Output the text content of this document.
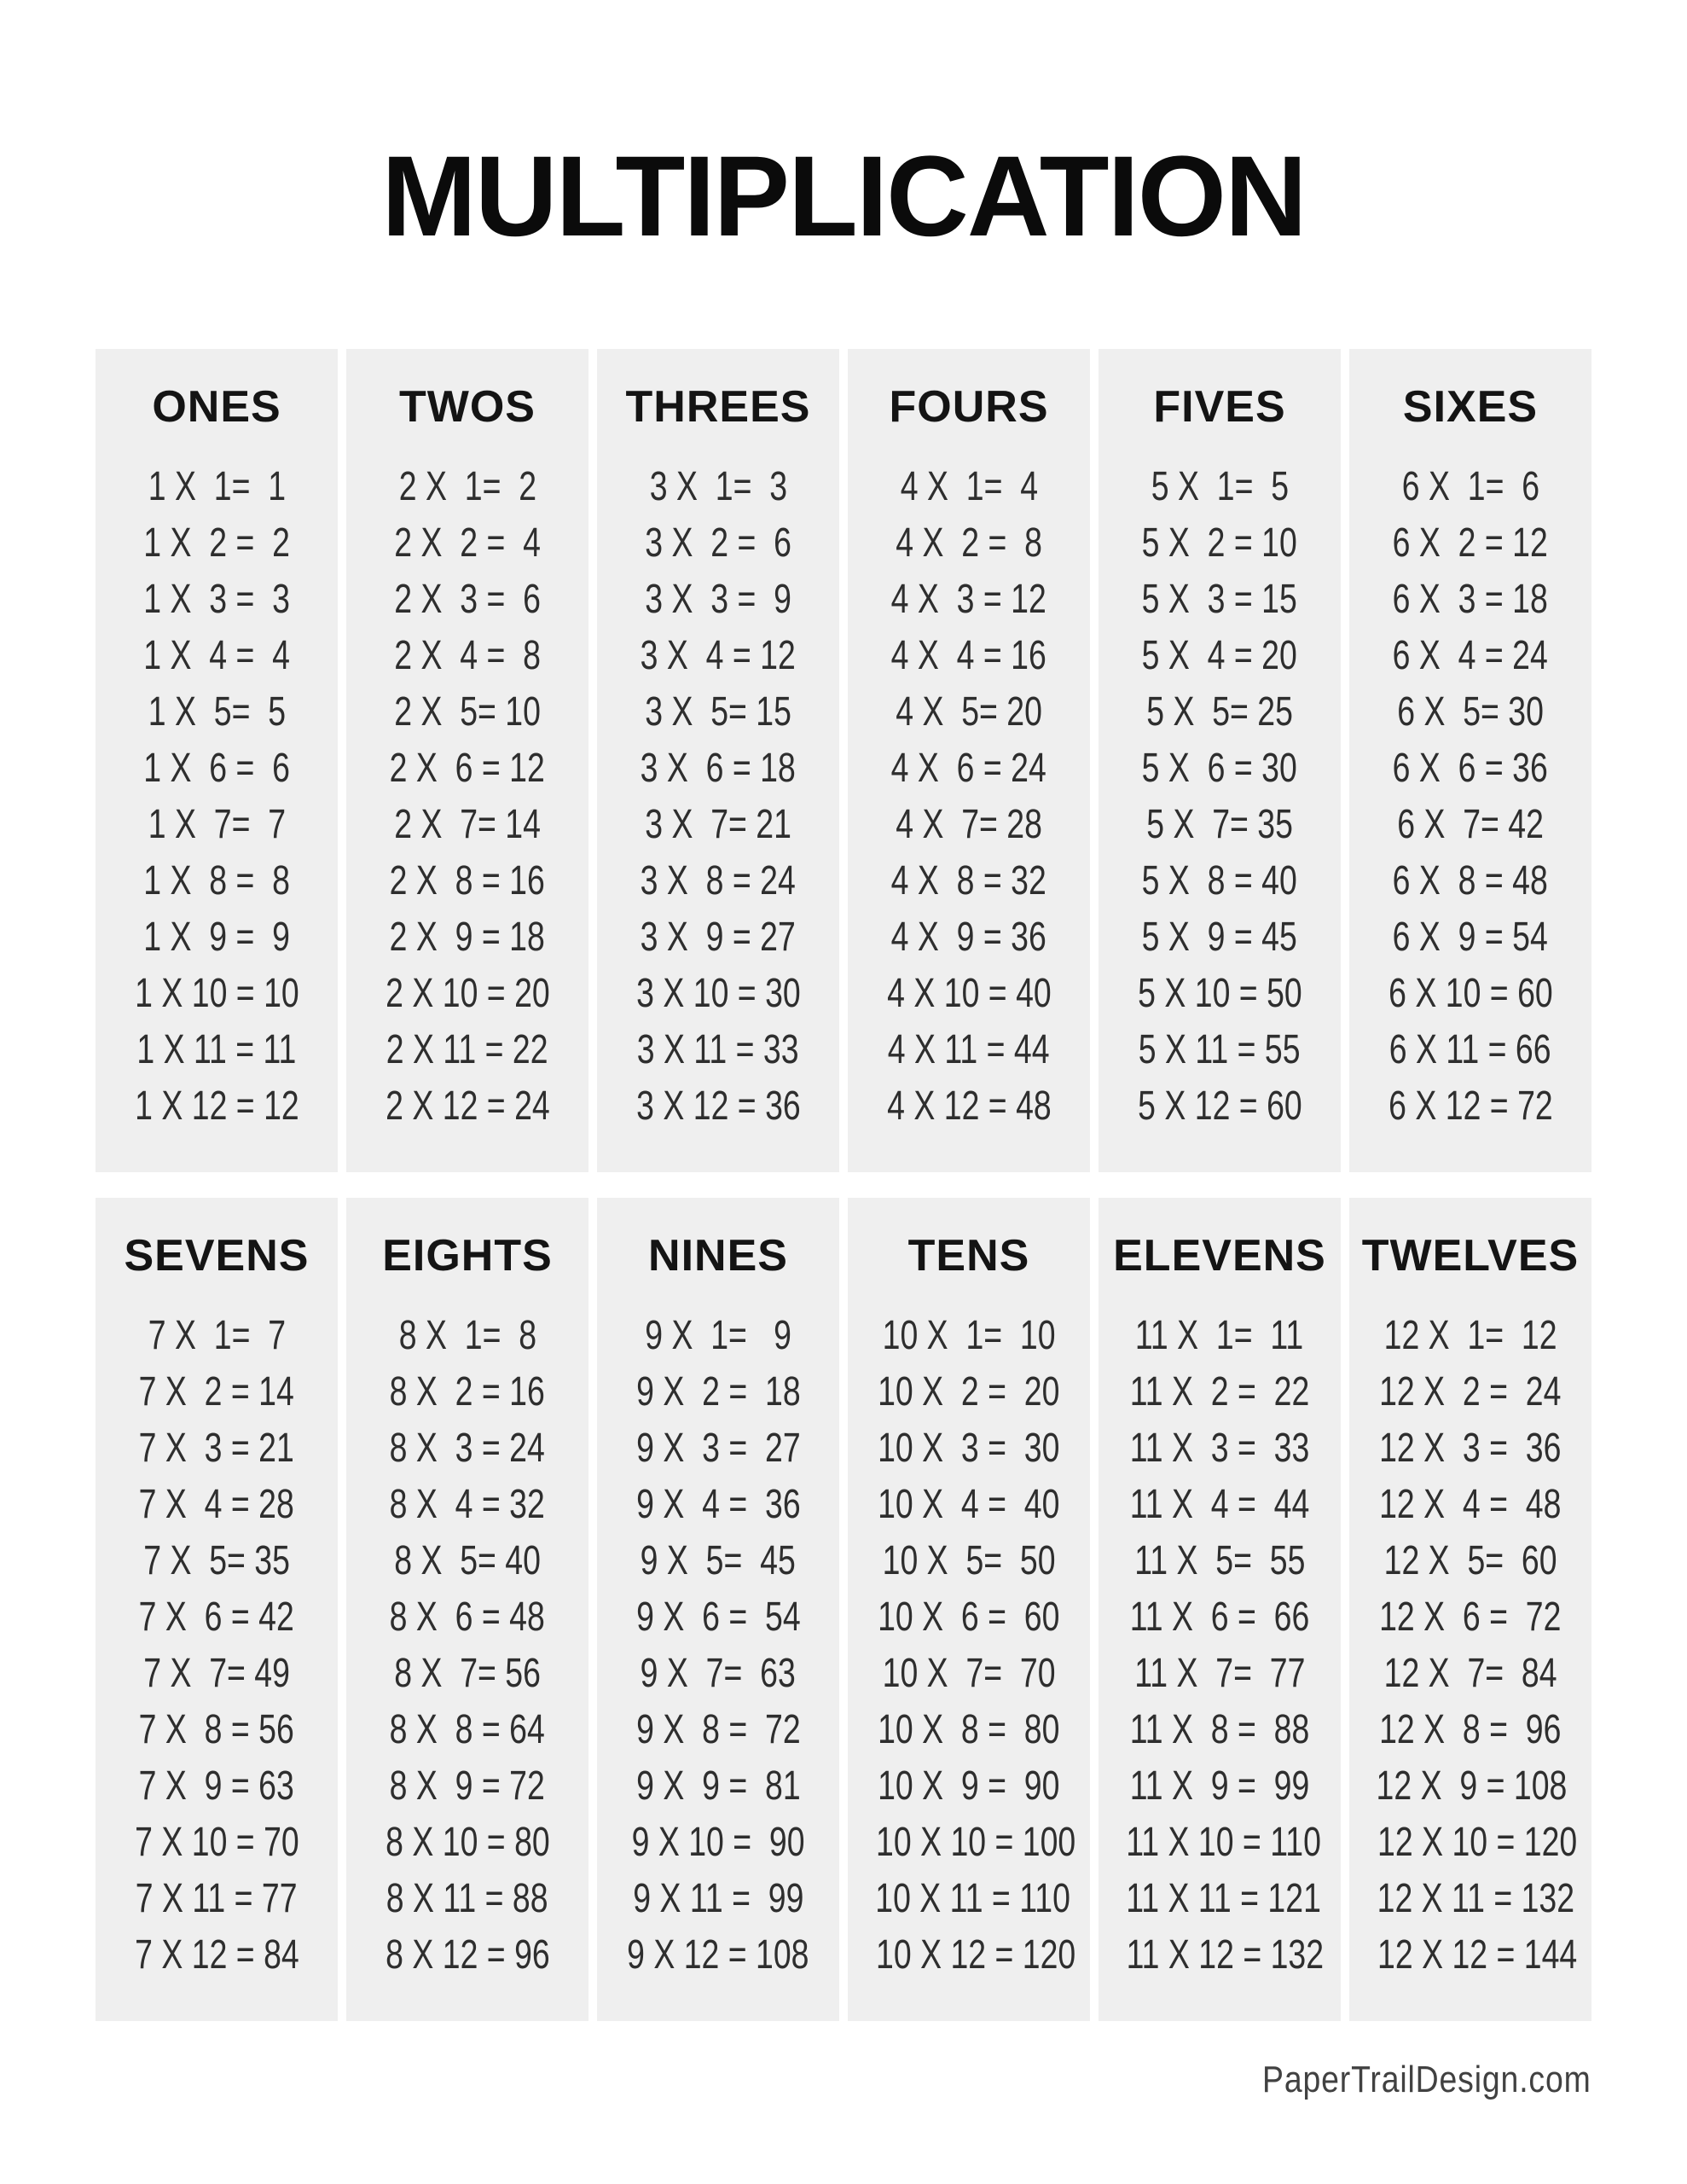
MULTIPLICATION
ONES
1 X  1=  1
1 X  2 =  2
1 X  3 =  3
1 X  4 =  4
1 X  5=  5
1 X  6 =  6
1 X  7=  7
1 X  8 =  8
1 X  9 =  9
1 X 10 = 10
1 X 11 = 11
1 X 12 = 12
TWOS
2 X  1=  2
2 X  2 =  4
2 X  3 =  6
2 X  4 =  8
2 X  5= 10
2 X  6 = 12
2 X  7= 14
2 X  8 = 16
2 X  9 = 18
2 X 10 = 20
2 X 11 = 22
2 X 12 = 24
THREES
3 X  1=  3
3 X  2 =  6
3 X  3 =  9
3 X  4 = 12
3 X  5= 15
3 X  6 = 18
3 X  7= 21
3 X  8 = 24
3 X  9 = 27
3 X 10 = 30
3 X 11 = 33
3 X 12 = 36
FOURS
4 X  1=  4
4 X  2 =  8
4 X  3 = 12
4 X  4 = 16
4 X  5= 20
4 X  6 = 24
4 X  7= 28
4 X  8 = 32
4 X  9 = 36
4 X 10 = 40
4 X 11 = 44
4 X 12 = 48
FIVES
5 X  1=  5
5 X  2 = 10
5 X  3 = 15
5 X  4 = 20
5 X  5= 25
5 X  6 = 30
5 X  7= 35
5 X  8 = 40
5 X  9 = 45
5 X 10 = 50
5 X 11 = 55
5 X 12 = 60
SIXES
6 X  1=  6
6 X  2 = 12
6 X  3 = 18
6 X  4 = 24
6 X  5= 30
6 X  6 = 36
6 X  7= 42
6 X  8 = 48
6 X  9 = 54
6 X 10 = 60
6 X 11 = 66
6 X 12 = 72
SEVENS
7 X  1=  7
7 X  2 = 14
7 X  3 = 21
7 X  4 = 28
7 X  5= 35
7 X  6 = 42
7 X  7= 49
7 X  8 = 56
7 X  9 = 63
7 X 10 = 70
7 X 11 = 77
7 X 12 = 84
EIGHTS
8 X  1=  8
8 X  2 = 16
8 X  3 = 24
8 X  4 = 32
8 X  5= 40
8 X  6 = 48
8 X  7= 56
8 X  8 = 64
8 X  9 = 72
8 X 10 = 80
8 X 11 = 88
8 X 12 = 96
NINES
9 X  1=   9
9 X  2 =  18
9 X  3 =  27
9 X  4 =  36
9 X  5=  45
9 X  6 =  54
9 X  7=  63
9 X  8 =  72
9 X  9 =  81
9 X 10 =  90
9 X 11 =  99
9 X 12 = 108
TENS
10 X  1=  10
10 X  2 =  20
10 X  3 =  30
10 X  4 =  40
10 X  5=  50
10 X  6 =  60
10 X  7=  70
10 X  8 =  80
10 X  9 =  90
10 X 10 = 100
10 X 11 = 110
10 X 12 = 120
ELEVENS
11 X  1=  11
11 X  2 =  22
11 X  3 =  33
11 X  4 =  44
11 X  5=  55
11 X  6 =  66
11 X  7=  77
11 X  8 =  88
11 X  9 =  99
11 X 10 = 110
11 X 11 = 121
11 X 12 = 132
TWELVES
12 X  1=  12
12 X  2 =  24
12 X  3 =  36
12 X  4 =  48
12 X  5=  60
12 X  6 =  72
12 X  7=  84
12 X  8 =  96
12 X  9 = 108
12 X 10 = 120
12 X 11 = 132
12 X 12 = 144
PaperTrailDesign.com
